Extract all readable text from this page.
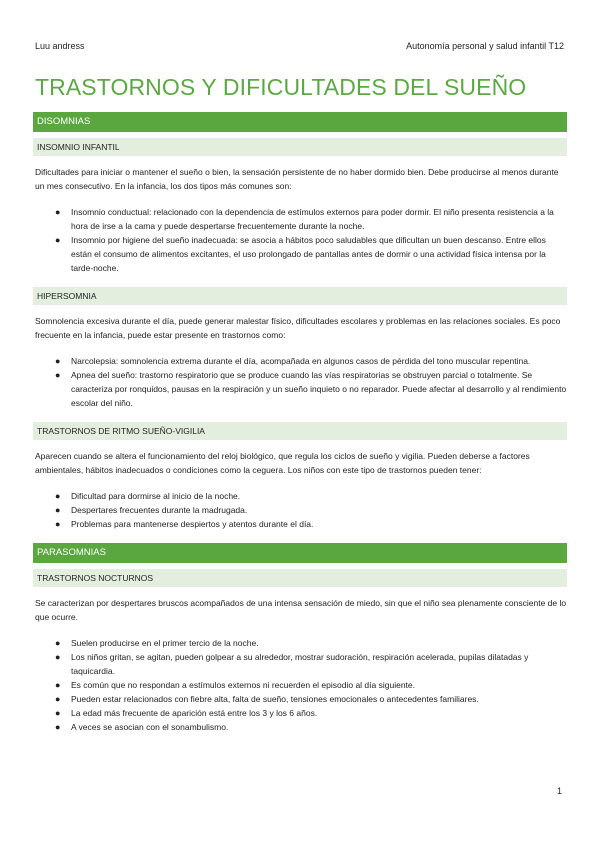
Luu andress	Autonomía personal y salud infantil T12
TRASTORNOS Y DIFICULTADES DEL SUEÑO
DISOMNIAS
INSOMNIO INFANTIL

Dificultades para iniciar o mantener el sueño o bien, la sensación persistente de no haber dormido bien. Debe producirse al menos durante un mes consecutivo. En la infancia, los dos tipos más comunes son:

● Insomnio conductual: relacionado con la dependencia de estímulos externos para poder dormir. El niño presenta resistencia a la hora de irse a la cama y puede despertarse frecuentemente durante la noche.
● Insomnio por higiene del sueño inadecuada: se asocia a hábitos poco saludables que dificultan un buen descanso. Entre ellos están el consumo de alimentos excitantes, el uso prolongado de pantallas antes de dormir o una actividad física intensa por la tarde-noche.
HIPERSOMNIA

Somnolencia excesiva durante el día, puede generar malestar físico, dificultades escolares y problemas en las relaciones sociales. Es poco frecuente en la infancia, puede estar presente en trastornos como:

● Narcolepsia: somnolencia extrema durante el día, acompañada en algunos casos de pérdida del tono muscular repentina.
● Apnea del sueño: trastorno respiratorio que se produce cuando las vías respiratorias se obstruyen parcial o totalmente. Se caracteriza por ronquidos, pausas en la respiración y un sueño inquieto o no reparador. Puede afectar al desarrollo y al rendimiento escolar del niño.
TRASTORNOS DE RITMO SUEÑO-VIGILIA

Aparecen cuando se altera el funcionamiento del reloj biológico, que regula los ciclos de sueño y vigilia. Pueden deberse a factores ambientales, hábitos inadecuados o condiciones como la ceguera. Los niños con este tipo de trastornos pueden tener:

● Dificultad para dormirse al inicio de la noche.
● Despertares frecuentes durante la madrugada.
● Problemas para mantenerse despiertos y atentos durante el día.
PARASOMNIAS
TRASTORNOS NOCTURNOS

Se caracterizan por despertares bruscos acompañados de una intensa sensación de miedo, sin que el niño sea plenamente consciente de lo que ocurre.

● Suelen producirse en el primer tercio de la noche.
● Los niños gritan, se agitan, pueden golpear a su alrededor, mostrar sudoración, respiración acelerada, pupilas dilatadas y taquicardia.
● Es común que no respondan a estímulos externos ni recuerden el episodio al día siguiente.
● Pueden estar relacionados con fiebre alta, falta de sueño, tensiones emocionales o antecedentes familiares.
● La edad más frecuente de aparición está entre los 3 y los 6 años.
● A veces se asocian con el sonambulismo.
1
